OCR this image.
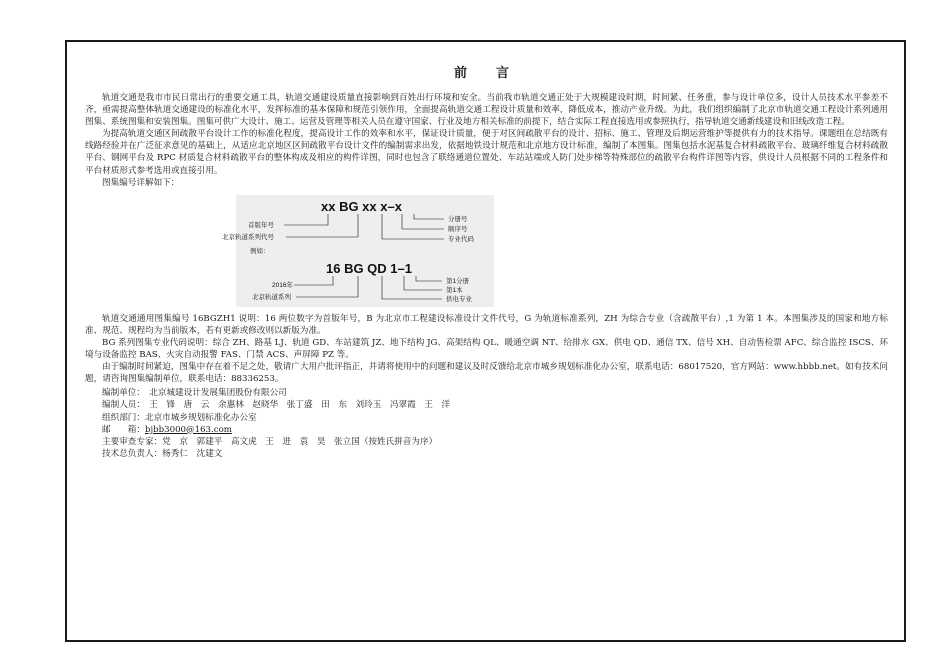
前　言

轨道交通是我市市民日常出行的重要交通工具，轨道交通建设质量直接影响到百姓出行环境和安全。当前我市轨道交通正处于大规模建设时期，时间紧、任务重，参与设计单位多，设计人员技术水平参差不齐，亟需提高整体轨道交通建设的标准化水平，发挥标准的基本保障和规范引领作用，全面提高轨道交通工程设计质量和效率，降低成本，推动产业升级。为此，我们组织编制了北京市轨道交通工程设计系列通用图集、系统图集和安装图集。图集可供广大设计、施工、运营及管理等相关人员在遵守国家、行业及地方相关标准的前提下，结合实际工程直接选用或参照执行，指导轨道交通新线建设和旧线改造工程。

为提高轨道交通区间疏散平台设计工作的标准化程度，提高设计工作的效率和水平，保证设计质量，便于对区间疏散平台的设计、招标、施工、管理及后期运营维护等提供有力的技术指导。课题组在总结既有线路经验并在广泛征求意见的基础上，从适应北京地区区间疏散平台设计文件的编制需求出发，依据地铁设计规范和北京地方设计标准，编制了本图集。图集包括水泥基复合材料疏散平台、玻璃纤维复合材料疏散平台、钢网平台及 RPC 材质复合材料疏散平台的整体构成及相应的构件详图，同时也包含了联络通道位置处、车站站端或人防门处步梯等特殊部位的疏散平台构件详图等内容，供设计人员根据不同的工程条件和平台材质形式参考选用或直接引用。

图集编号详解如下：

xx BG xx x–x
首版年号
北京轨道系列代号
分册号
顺序号
专业代码
例如：
16 BG QD 1–1
2016年
北京轨道系列
第1分册
第1本
供电专业

轨道交通通用图集编号 16BGZH1 说明：16 两位数字为首版年号，B 为北京市工程建设标准设计文件代号，G 为轨道标准系列，ZH 为综合专业（含疏散平台）,1 为第 1 本。本图集涉及的国家和地方标准、规范、规程均为当前版本，若有更新或修改则以新版为准。

BG 系列图集专业代码说明：综合 ZH、路基 LJ、轨道 GD、车站建筑 JZ、地下结构 JG、高架结构 QL、暖通空调 NT、给排水 GX、供电 QD、通信 TX、信号 XH、自动售检票 AFC、综合监控 ISCS、环境与设备监控 BAS、火灾自动报警 FAS、门禁 ACS、声屏障 PZ 等。

由于编制时间紧迫，图集中存在着不足之处，敬请广大用户批评指正，并请将使用中的问题和建议及时反馈给北京市城乡规划标准化办公室，联系电话：68017520，官方网站：www.hbbb.net。如有技术问题，请咨询图集编制单位，联系电话：88336253。

编制单位：　北京城建设计发展集团股份有限公司
编制人员：　王　锋　唐　云　余惠林　赵晓华　张丁盛　田　东　刘玲玉　冯翠霞　王　洋
组织部门：北京市城乡规划标准化办公室
邮　　箱：bjbb3000@163.com
主要审查专家：党　京　郭建平　高文虎　王　进　袁　昊　张立国（按姓氏拼音为序）
技术总负责人：杨秀仁　沈建文
